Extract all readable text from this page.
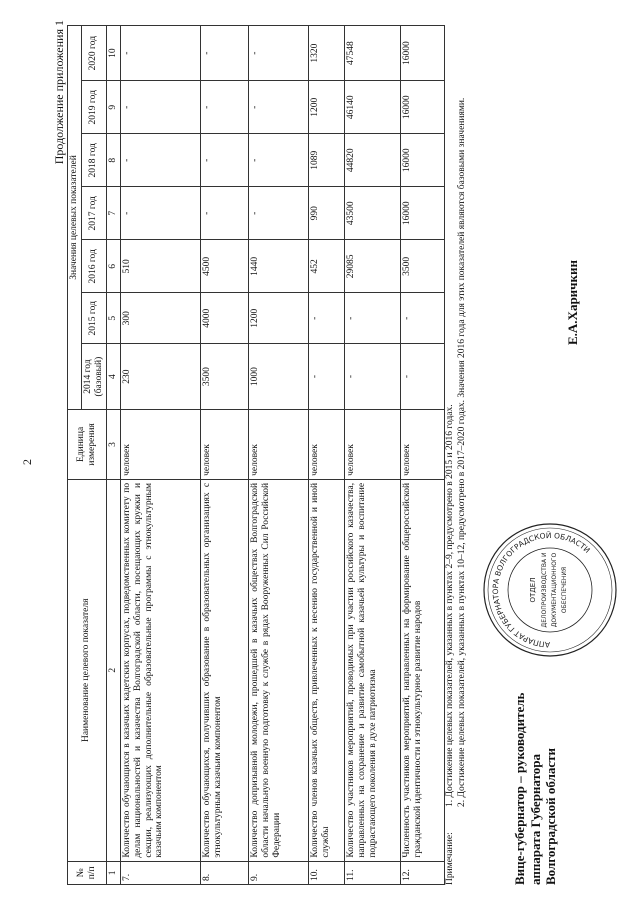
2
Продолжение приложения 1
№ п/п	Наименование целевого показателя	Единица измерения	Значения целевых показателей						
			2014 год (базовый)	2015 год	2016 год	2017 год	2018 год	2019 год	2020 год
1	2	3	4	5	6	7	8	9	10
7.	Количество обучающихся в казачьих кадетских корпусах, подведомственных комитету по делам национальностей и казачества Волгоградской области, посещающих кружки и секции, реализующих дополнительные образовательные программы с этнокультурным казачьим компонентом	человек	230	300	510	-	-	-	-
8.	Количество обучающихся, получивших образование в образовательных организациях с этнокультурным казачьим компонентом	человек	3500	4000	4500	-	-	-	-
9.	Количество допризывной молодежи, прошедшей в казачьих обществах Волгоградской области начальную военную подготовку к службе в рядах Вооруженных Сил Российской Федерации	человек	1000	1200	1440	-	-	-	-
10.	Количество членов казачьих обществ, привлеченных к несению государственной и иной службы	человек	-	-	452	990	1089	1200	1320
11.	Количество участников мероприятий, проводимых при участии российского казачества, направленных на сохранение и развитие самобытной казачьей культуры и воспитание подрастающего поколения в духе патриотизма	человек	-	-	29085	43500	44820	46140	47548
12.	Численность участников мероприятий, направленных на формирование общероссийской гражданской идентичности и этнокультурное развитие народов	человек	-	-	3500	16000	16000	16000	16000
Примечание:
1. Достижение целевых показателей, указанных в пунктах 2–9, предусмотрено в 2015 и 2016 годах. 2. Достижение целевых показателей, указанных в пунктах 10–12, предусмотрено в 2017–2020 годах. Значения 2016 года для этих показателей являются базовыми значениями.	Вице-губернатор – руководитель аппарата Губернатора Волгоградской области
АППАРАТ ГУБЕРНАТОРА ВОЛГОГРАДСКОЙ ОБЛАСТИ
ОТДЕЛ ДЕЛОПРОИЗВОДСТВА И ДОКУМЕНТАЦИОННОГО ОБЕСПЕЧЕНИЯ
Е.А.Харичкин
